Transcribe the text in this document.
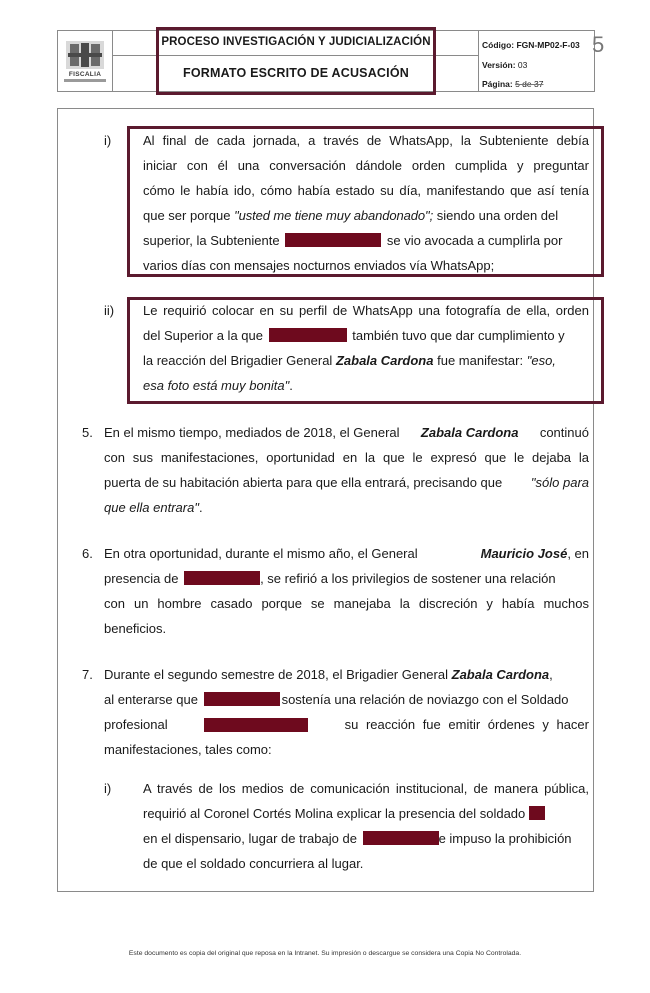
FISCALIA
PROCESO INVESTIGACIÓN Y JUDICIALIZACIÓN
FORMATO ESCRITO DE ACUSACIÓN
Código: FGN-MP02-F-03
Versión: 03
Página: 5 de 37
5
i) Al final de cada jornada, a través de WhatsApp, la Subteniente debía
iniciar con él una conversación dándole orden cumplida y preguntar
cómo le había ido, cómo había estado su día, manifestando que así tenía
que ser porque "usted me tiene muy abandonado"; siendo una orden del
superior, la Subteniente	se vio avocada a cumplirla por
varios días con mensajes nocturnos enviados vía WhatsApp;
ii) Le requirió colocar en su perfil de WhatsApp una fotografía de ella, orden
del Superior a la que	también tuvo que dar cumplimiento y
la reacción del Brigadier General Zabala Cardona fue manifestar: "eso,
esa foto está muy bonita".
5. En el mismo tiempo, mediados de 2018, el General Zabala Cardona continuó
con sus manifestaciones, oportunidad en la que le expresó que le dejaba la
puerta de su habitación abierta para que ella entrará, precisando que "sólo para
que ella entrara".
6. En otra oportunidad, durante el mismo año, el General	Mauricio José, en
presencia de	, se refirió a los privilegios de sostener una relación
con un hombre casado porque se manejaba la discreción y había muchos
beneficios.
7. Durante el segundo semestre de 2018, el Brigadier General Zabala Cardona,
al enterarse que	sostenía una relación de noviazgo con el Soldado
profesional	su reacción fue emitir órdenes y hacer
manifestaciones, tales como:
i) A través de los medios de comunicación institucional, de manera pública,
requirió al Coronel Cortés Molina explicar la presencia del soldado
en el dispensario, lugar de trabajo de	e impuso la prohibición
de que el soldado concurriera al lugar.
Este documento es copia del original que reposa en la Intranet. Su impresión o descargue se considera una Copia No Controlada.
